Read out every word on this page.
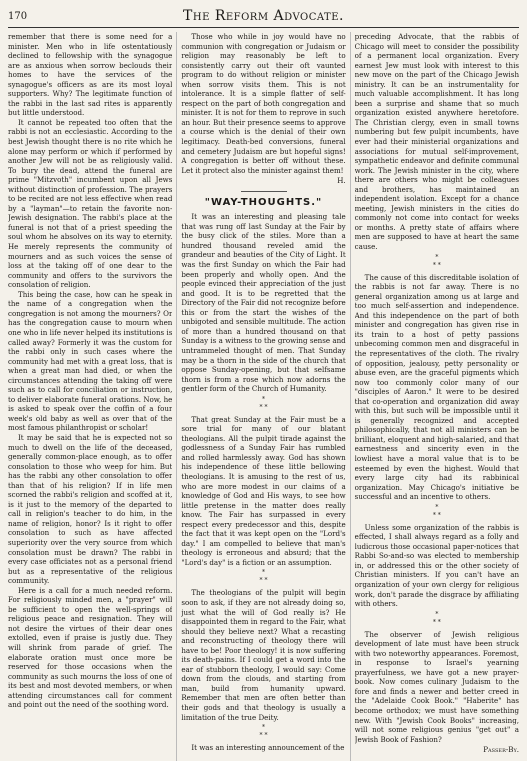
170	The Reform Advocate.

remember that there is some need for a minister. Men who in life ostentatiously declined to fellowship with the synagogue are as anxious when sorrow beclouds their homes to have the services of the synagogue's officers as are its most loyal supporters. Why? The legitimate function of the rabbi in the last sad rites is apparently but little understood.

It cannot be repeated too often that the rabbi is not an ecclesiastic. According to the best Jewish thought there is no rite which he alone may perform or which if performed by another Jew will not be as religiously valid. To bury the dead, attend the funeral are prime "Mitzvoth" incumbent upon all Jews without distinction of profession. The prayers to be recited are not less effective when read by a "layman"—to retain the favorite non-Jewish designation. The rabbi's place at the funeral is not that of a priest speeding the soul whom he absolves on its way to eternity. He merely represents the community of mourners and as such voices the sense of loss at the taking off of one dear to the community and offers to the survivors the consolation of religion.

This being the case, how can he speak in the name of a congregation when the congregation is not among the mourners? Or has the congregation cause to mourn when one who in life never helped its institutions is called away? Formerly it was the custom for the rabbi only in such cases where the community had met with a great loss, that is when a great man had died, or when the circumstances attending the taking off were such as to call for conciliation or instruction, to deliver elaborate funeral orations. Now, he is asked to speak over the coffin of a four week's old baby as well as over that of the most famous philanthropist or scholar!

It may be said that he is expected not so much to dwell on the life of the deceased, generally common-place enough, as to offer consolation to those who weep for him. But has the rabbi any other consolation to offer than that of his religion? If in life men scorned the rabbi's religion and scoffed at it, is it just to the memory of the departed to call in religion's teacher to do him, in the name of religion, honor? Is it right to offer consolation to such as have affected superiority over the very source from which consolation must be drawn? The rabbi in every case officiates not as a personal friend but as a representative of the religious community.

Here is a call for a much needed reform. For religiously minded men, a "prayer" will be sufficient to open the well-springs of religious peace and resignation. They will not desire the virtues of their dear ones extolled, even if praise is justly due. They will shrink from parade of grief. The elaborate oration must once more be reserved for those occasions when the community as such mourns the loss of one of its best and most devoted members, or when attending circumstances call for comment and point out the need of the soothing word.

Those who while in joy would have no communion with congregation or Judaism or religion may reasonably be left to consistently carry out their oft vaunted program to do without religion or minister when sorrow visits them. This is not intolerance. It is a simple flatter of self-respect on the part of both congregation and minister. It is not for them to reprove in such an hour. But their presence seems to approve a course which is the denial of their own legitimacy. Death-bed conversions, funeral and cemetery Judaism are but hopeful signs! A congregation is better off without these. Let it protect also the minister against them!

H.
"WAY-THOUGHTS."

It was an interesting and pleasing tale that was rung off last Sunday at the Fair by the busy click of the stiles. More than a hundred thousand reveled amid the grandeur and beauties of the City of Light. It was the first Sunday on which the Fair had been properly and wholly open. And the people evinced their appreciation of the just and good. It is to be regretted that the Directory of the Fair did not recognize before this or from the start the wishes of the unbigoted and sensible multitude. The action of more than a hundred thousand on that Sunday is a witness to the growing sense and untrammeled thought of men. That Sunday may be a thorn in the side of the church that oppose Sunday-opening, but that selfsame thorn is from a rose which now adorns the gentler form of the Church of Humanity.

*
* *

That great Sunday at the Fair must be a sore trial for many of our blatant theologians. All the pulpit tirade against the godlessness of a Sunday Fair has rumbled and rolled harmlessly away. God has shown his independence of these little bellowing theologians. It is amusing to the rest of us, who are more modest in our claims of a knowledge of God and His ways, to see how little pretense in the matter does really know. The Fair has surpassed in every respect every predecessor and this, despite the fact that it was kept open on the "Lord's day." I am compelled to believe that man's theology is erroneous and absurd; that the "Lord's day" is a fiction or an assumption.

*
* *

The theologians of the pulpit will begin soon to ask, if they are not already doing so, just what the will of God really is? He disappointed them in regard to the Fair, what should they believe next? What a recasting and reconstructing of theology there will have to be! Poor theology! it is now suffering its death-pains. If I could get a word into the ear of stubborn theology, I would say: Come down from the clouds, and starting from man, build from humanity upward. Remember that men are often better than their gods and that theology is usually a limitation of the true Deity.

*
* *

It was an interesting announcement of the

preceding Advocate, that the rabbis of Chicago will meet to consider the possibility of a permanent local organization. Every earnest Jew must look with interest to this new move on the part of the Chicago Jewish ministry. It can be an instrumentality for much valuable accomplishment. It has long been a surprise and shame that so much organization existed anywhere heretofore. The Christian clergy, even in small towns numbering but few pulpit incumbents, have ever had their ministerial organizations and associations for mutual self-improvement, sympathetic endeavor and definite communal work. The Jewish minister in the city, where there are others who might be colleagues and brothers, has maintained an independent isolation. Except for a chance meeting, Jewish ministers in the cities do commonly not come into contact for weeks or months. A pretty state of affairs where men are supposed to have at heart the same cause.

*
* *

The cause of this discreditable isolation of the rabbis is not far away. There is no general organization among us at large and too much self-assertion and independence. And this independence on the part of both minister and congregation has given rise in its train to a host of petty passions unbecoming common men and disgraceful in the representatives of the cloth. The rivalry of opposition, jealousy, petty personality or abuse even, are the graceful pigments which now too commonly color many of our "disciples of Aaron." It were to be desired that co-operation and organization did away with this, but such will be impossible until it is generally recognized and accepted philosophically, that not all ministers can be brilliant, eloquent and high-salaried, and that earnestness and sincerity even in the lowliest have a moral value that is to be esteemed by even the highest. Would that every large city had its rabbinical organization. May Chicago's initiative be successful and an incentive to others.

*
* *

Unless some organization of the rabbis is effected, I shall always regard as a folly and ludicrous those occasional paper-notices that Rabbi So-and-so was elected to membership in, or addressed this or the other society of Christian ministers. If you can't have an organization of your own clergy for religious work, don't parade the disgrace by affiliating with others.

*
* *

The observer of Jewish religious development of late must have been struck with two noteworthy appearances. Foremost, in response to Israel's yearning prayerfulness, we have got a new prayer-book. Now comes culinary Judaism to the fore and finds a newer and better creed in the "Adelaide Cook Book." "Haberite" has become orthodox; we must have something new. With "Jewish Cook Books" increasing, will not some religious genius "get out" a Jewish Book of Fashion?

Passer-By.
